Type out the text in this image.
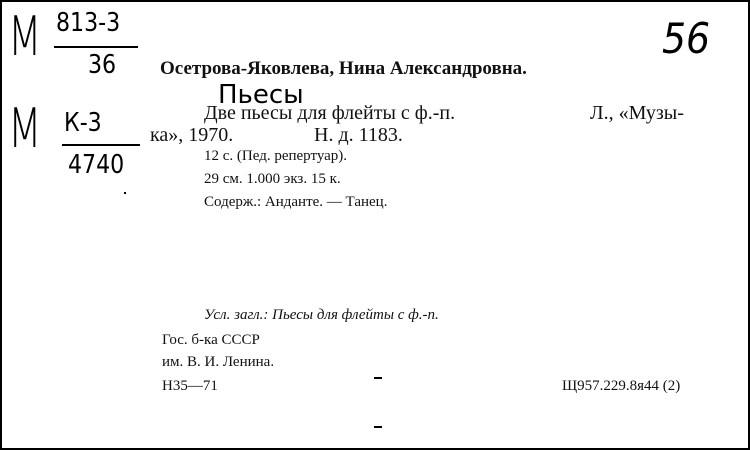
М 813-3
36
М К-3
4740
56
Осетрова-Яковлева, Нина Александровна.
Пьесы
Две пьесы для флейты с ф.-п.	Л., «Музы-
ка», 1970.	Н. д. 1183.
12 с. (Пед. репертуар).
29 см. 1.000 экз. 15 к.
Содерж.: Андантe. — Танец.
Усл. загл.: Пьесы для флейты с ф.-п.
Гос. б-ка СССР
им. В. И. Ленина.
Н35—71	Щ957.229.8я44 (2)
